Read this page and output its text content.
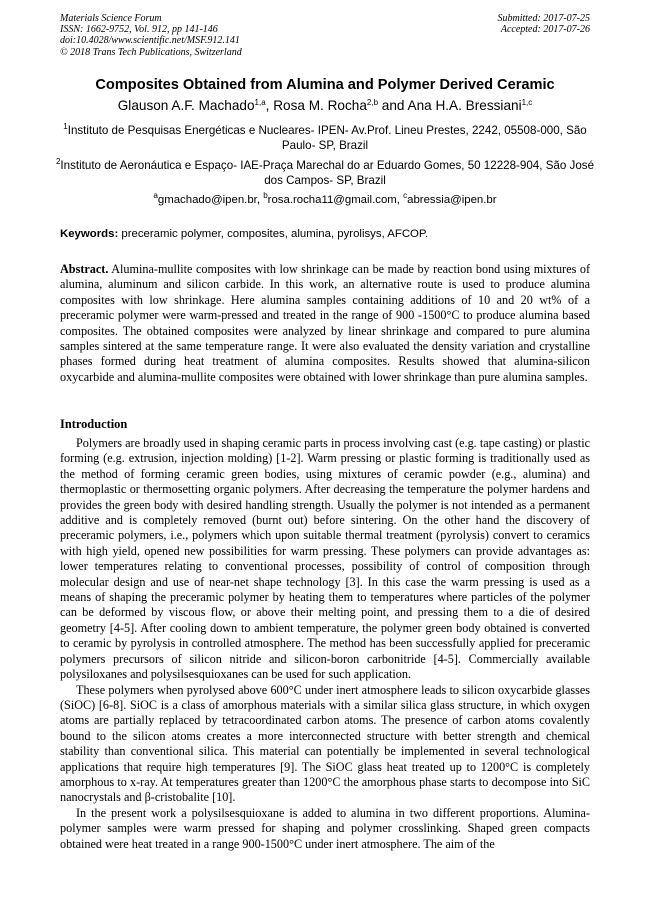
Materials Science Forum
ISSN: 1662-9752, Vol. 912, pp 141-146
doi:10.4028/www.scientific.net/MSF.912.141
© 2018 Trans Tech Publications, Switzerland
Submitted: 2017-07-25
Accepted: 2017-07-26
Composites Obtained from Alumina and Polymer Derived Ceramic
Glauson A.F. Machado$^{1,a}$, Rosa M. Rocha$^{2,b}$ and Ana H.A. Bressiani$^{1,c}$
$^1$Instituto de Pesquisas Energéticas e Nucleares- IPEN- Av.Prof. Lineu Prestes, 2242, 05508-000, São Paulo- SP, Brazil
$^2$Instituto de Aeronáutica e Espaço- IAE-Praça Marechal do ar Eduardo Gomes, 50 12228-904, São José dos Campos- SP, Brazil
$^a$gmachado@ipen.br, $^b$rosa.rocha11@gmail.com, $^c$abressia@ipen.br
Keywords: preceramic polymer, composites, alumina, pyrolisys, AFCOP.
Abstract. Alumina-mullite composites with low shrinkage can be made by reaction bond using mixtures of alumina, aluminum and silicon carbide. In this work, an alternative route is used to produce alumina composites with low shrinkage. Here alumina samples containing additions of 10 and 20 wt% of a preceramic polymer were warm-pressed and treated in the range of 900 -1500°C to produce alumina based composites. The obtained composites were analyzed by linear shrinkage and compared to pure alumina samples sintered at the same temperature range. It were also evaluated the density variation and crystalline phases formed during heat treatment of alumina composites. Results showed that alumina-silicon oxycarbide and alumina-mullite composites were obtained with lower shrinkage than pure alumina samples.
Introduction

Polymers are broadly used in shaping ceramic parts in process involving cast (e.g. tape casting) or plastic forming (e.g. extrusion, injection molding) [1-2]. Warm pressing or plastic forming is traditionally used as the method of forming ceramic green bodies, using mixtures of ceramic powder (e.g., alumina) and thermoplastic or thermosetting organic polymers. After decreasing the temperature the polymer hardens and provides the green body with desired handling strength. Usually the polymer is not intended as a permanent additive and is completely removed (burnt out) before sintering. On the other hand the discovery of preceramic polymers, i.e., polymers which upon suitable thermal treatment (pyrolysis) convert to ceramics with high yield, opened new possibilities for warm pressing. These polymers can provide advantages as: lower temperatures relating to conventional processes, possibility of control of composition through molecular design and use of near-net shape technology [3]. In this case the warm pressing is used as a means of shaping the preceramic polymer by heating them to temperatures where particles of the polymer can be deformed by viscous flow, or above their melting point, and pressing them to a die of desired geometry [4-5]. After cooling down to ambient temperature, the polymer green body obtained is converted to ceramic by pyrolysis in controlled atmosphere. The method has been successfully applied for preceramic polymers precursors of silicon nitride and silicon-boron carbonitride [4-5]. Commercially available polysiloxanes and polysilsesquioxanes can be used for such application.

These polymers when pyrolysed above 600°C under inert atmosphere leads to silicon oxycarbide glasses (SiOC) [6-8]. SiOC is a class of amorphous materials with a similar silica glass structure, in which oxygen atoms are partially replaced by tetracoordinated carbon atoms. The presence of carbon atoms covalently bound to the silicon atoms creates a more interconnected structure with better strength and chemical stability than conventional silica. This material can potentially be implemented in several technological applications that require high temperatures [9]. The SiOC glass heat treated up to 1200°C is completely amorphous to x-ray. At temperatures greater than 1200°C the amorphous phase starts to decompose into SiC nanocrystals and β-cristobalite [10].

In the present work a polysilsesquioxane is added to alumina in two different proportions. Alumina-polymer samples were warm pressed for shaping and polymer crosslinking. Shaped green compacts obtained were heat treated in a range 900-1500°C under inert atmosphere. The aim of the
